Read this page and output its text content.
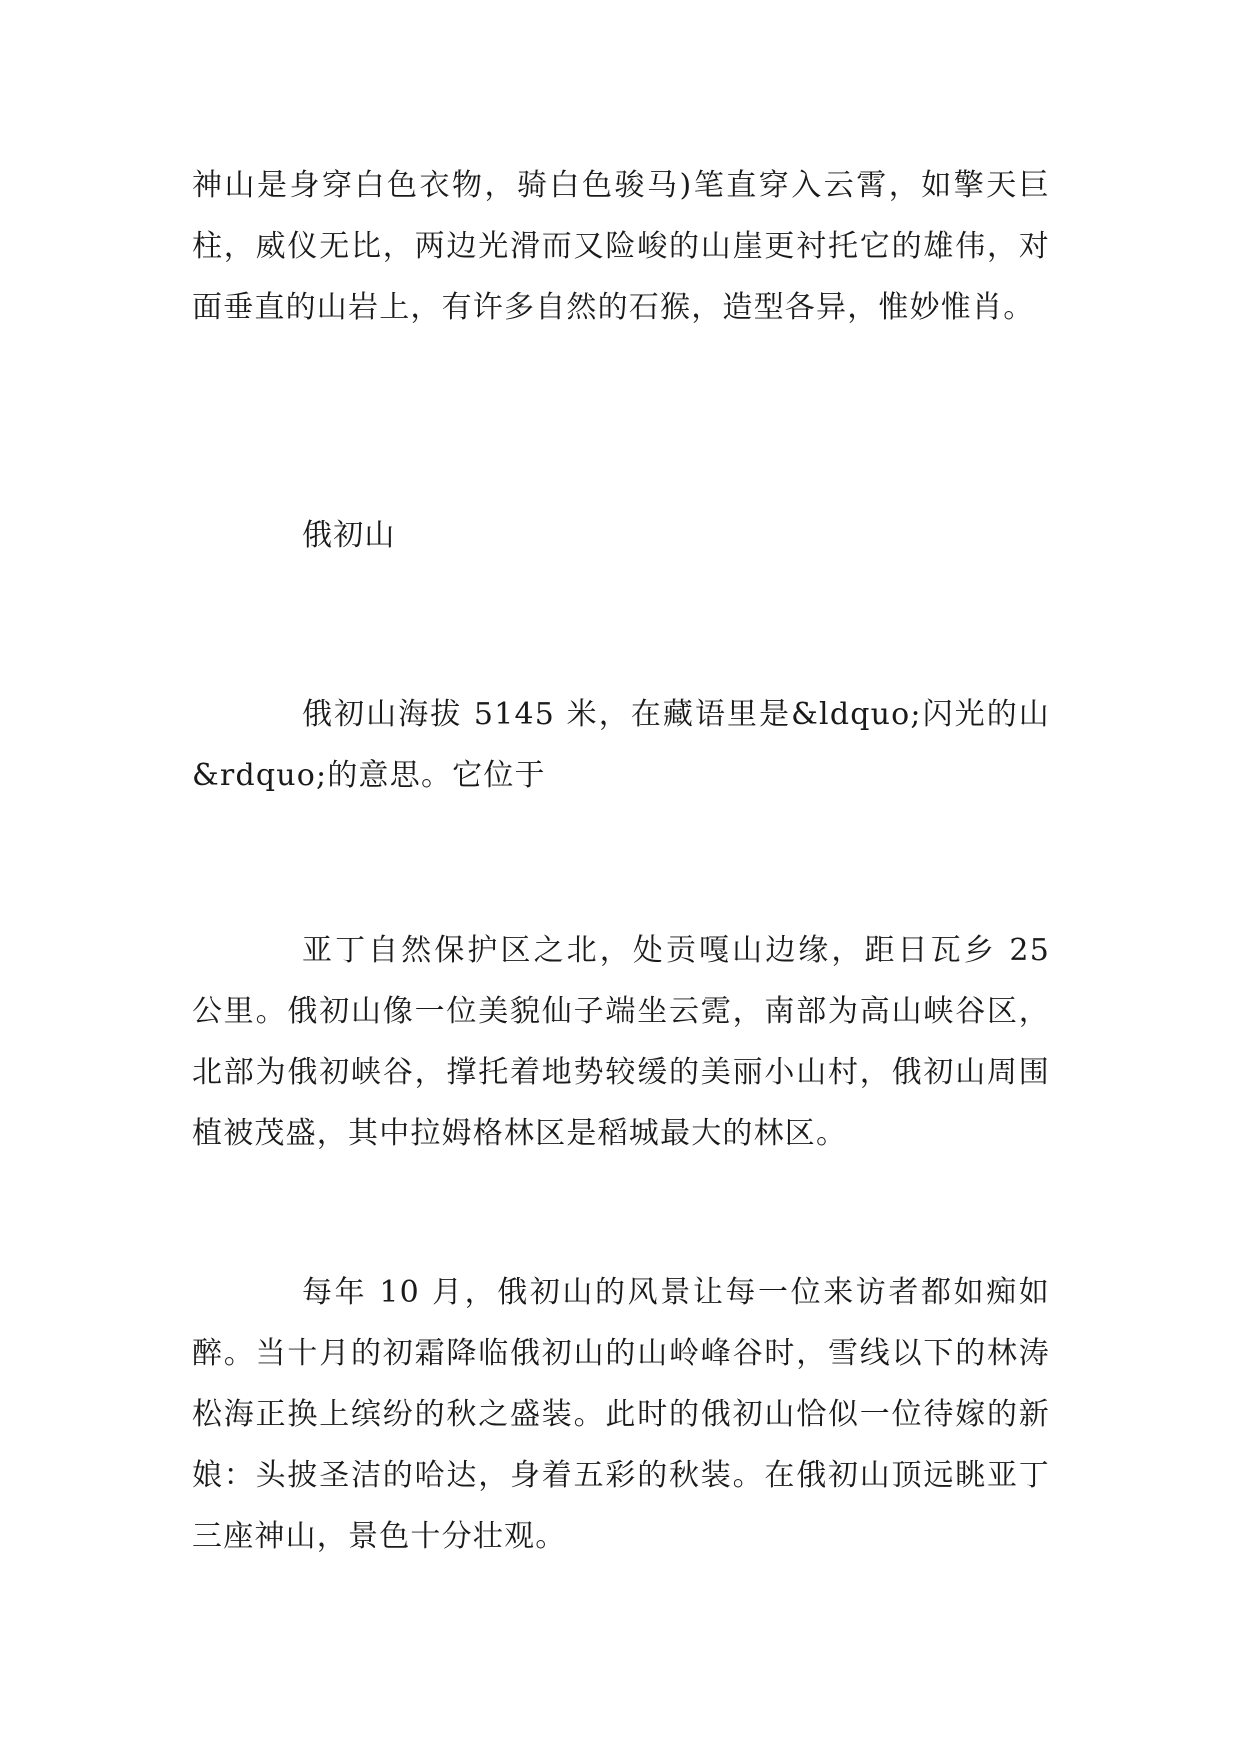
神山是身穿白色衣物，骑白色骏马)笔直穿入云霄，如擎天巨柱，威仪无比，两边光滑而又险峻的山崖更衬托它的雄伟，对面垂直的山岩上，有许多自然的石猴，造型各异，惟妙惟肖。

俄初山

俄初山海拔 5145 米，在藏语里是&ldquo;闪光的山&rdquo;的意思。它位于

亚丁自然保护区之北，处贡嘎山边缘，距日瓦乡 25 公里。俄初山像一位美貌仙子端坐云霓，南部为高山峡谷区，北部为俄初峡谷，撑托着地势较缓的美丽小山村，俄初山周围植被茂盛，其中拉姆格林区是稻城最大的林区。

每年 10 月，俄初山的风景让每一位来访者都如痴如醉。当十月的初霜降临俄初山的山岭峰谷时，雪线以下的林涛松海正换上缤纷的秋之盛装。此时的俄初山恰似一位待嫁的新娘：头披圣洁的哈达，身着五彩的秋装。在俄初山顶远眺亚丁三座神山，景色十分壮观。
